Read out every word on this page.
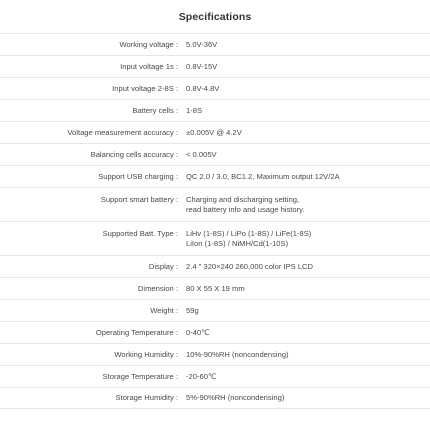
Specifications
Working voltage : 5.0V-36V
Input voltage 1s : 0.8V-15V
Input voltage 2-8S : 0.8V-4.8V
Battery cells : 1-8S
Voltage measurement accuracy : ±0.005V @ 4.2V
Balancing cells accuracy : < 0.005V
Support USB charging : QC 2.0 / 3.0, BC1.2, Maximum output 12V/2A
Support smart battery : Charging and discharging setting,
read battery info and usage history.
Supported Batt. Type : LiHv (1-8S) / LiPo (1-8S) / LiFe(1-8S)
LiIon (1-8S) / NiMH/Cd(1-10S)
Display : 2.4 " 320×240 260,000 color IPS LCD
Dimension : 80 X 55 X 19 mm
Weight : 59g
Operating Temperature : 0-40℃
Working Humidity : 10%-90%RH (noncondensing)
Storage Temperature : -20-60℃
Storage Humidity : 5%-90%RH (noncondensing)
